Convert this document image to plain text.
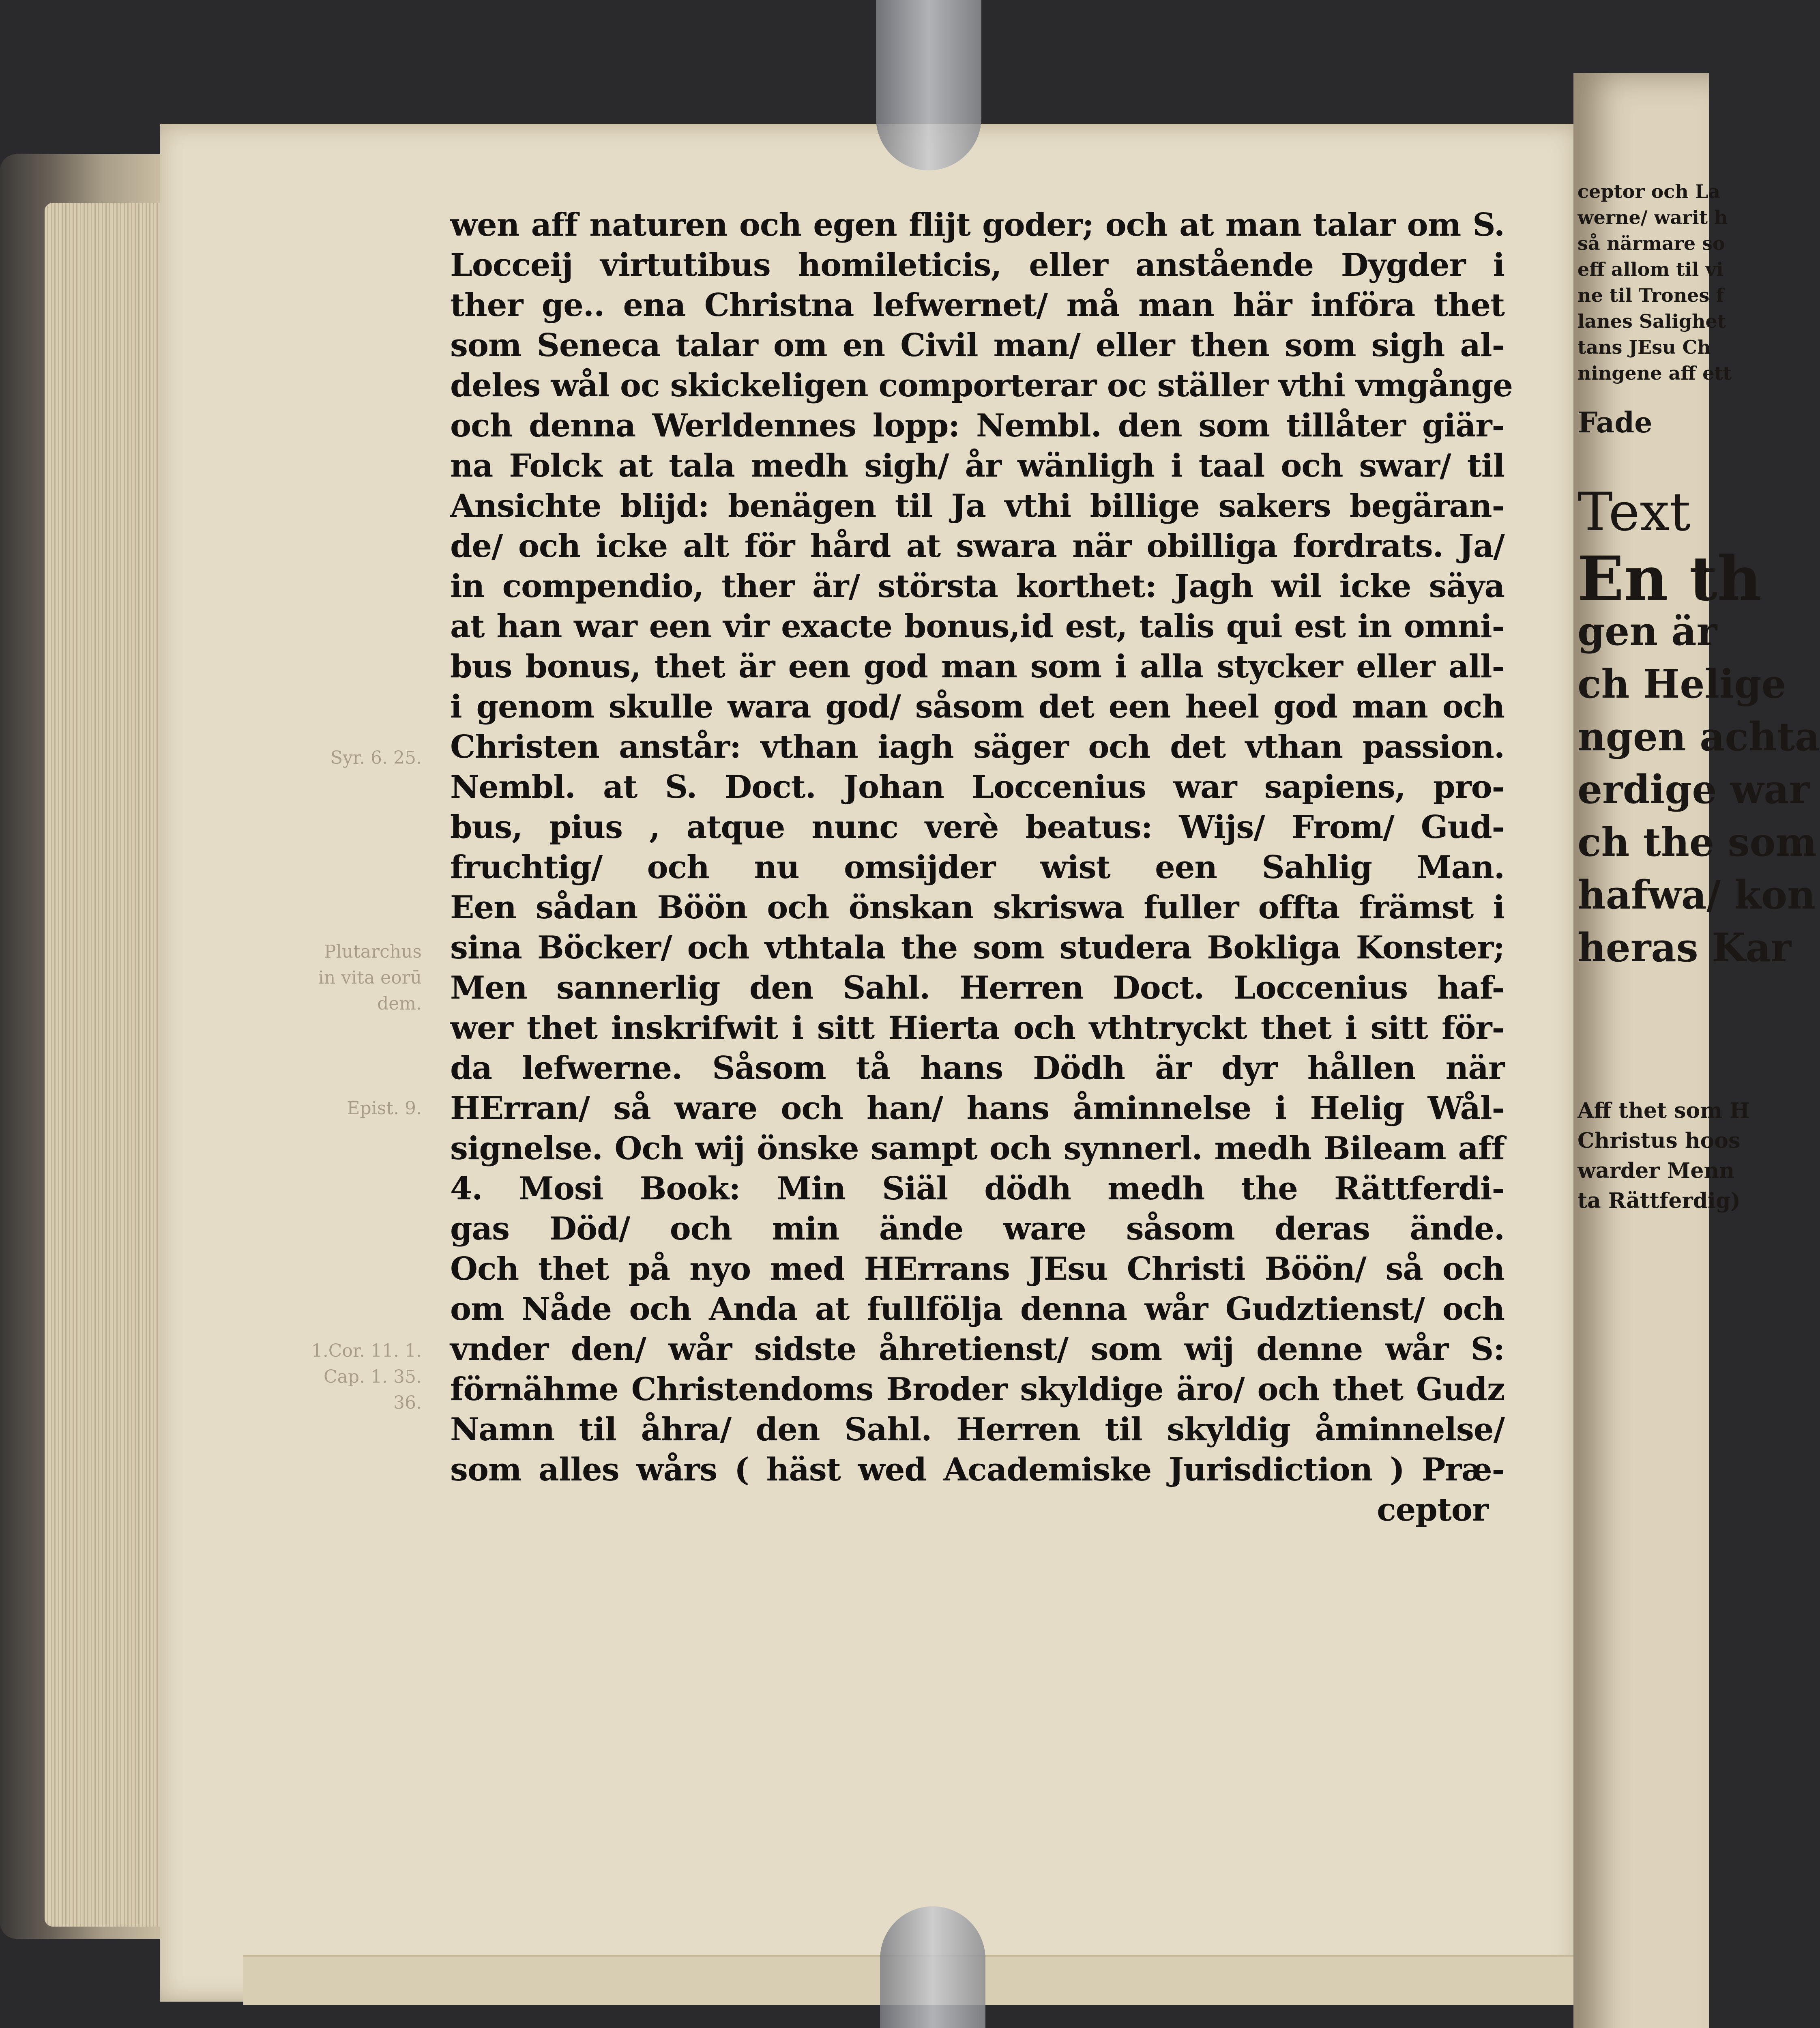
Syr. 6. 25.
Plutarchus
in vita eorū
dem.
Epist. 9.
1.Cor. 11. 1.
Cap. 1. 35.
36.
wen aff naturen och egen flijt goder; och at man talar om S.
Locceij virtutibus homileticis, eller anstående Dygder i
ther ge.. ena Christna lefwernet/ må man här införa thet
som Seneca talar om en Civil man/ eller then som sigh al-
deles wål oc skickeligen comporterar oc ställer vthi vmgånge
och denna Werldennes lopp: Nembl. den som tillåter giär-
na Folck at tala medh sigh/ år wänligh i taal och swar/ til
Ansichte blijd: benägen til Ja vthi billige sakers begäran-
de/ och icke alt för hård at swara när obilliga fordrats. Ja/
in compendio, ther är/ största korthet: Jagh wil icke säya
at han war een vir exacte bonus,id est, talis qui est in omni-
bus bonus, thet är een god man som i alla stycker eller all-
i genom skulle wara god/ såsom det een heel god man och
Christen anstår: vthan iagh säger och det vthan passion.
Nembl. at S. Doct. Johan Loccenius war sapiens, pro-
bus, pius , atque nunc verè beatus: Wijs/ From/ Gud-
fruchtig/ och nu omsijder wist een Sahlig Man.
Een sådan Böön och önskan skriswa fuller offta främst i
sina Böcker/ och vthtala the som studera Bokliga Konster;
Men sannerlig den Sahl. Herren Doct. Loccenius haf-
wer thet inskrifwit i sitt Hierta och vthtryckt thet i sitt för-
da lefwerne. Såsom tå hans Dödh är dyr hållen när
HErran/ så ware och han/ hans åminnelse i Helig Wål-
signelse. Och wij önske sampt och synnerl. medh Bileam aff
4. Mosi Book: Min Siäl dödh medh the Rättferdi-
gas Död/ och min ände ware såsom deras ände.
Och thet på nyo med HErrans JEsu Christi Böön/ så och
om Nåde och Anda at fullfölja denna wår Gudztienst/ och
vnder den/ wår sidste åhretienst/ som wij denne wår S:
förnähme Christendoms Broder skyldige äro/ och thet Gudz
Namn til åhra/ den Sahl. Herren til skyldig åminnelse/
som alles wårs ( häst wed Academiske Jurisdiction ) Præ-
ceptor
ceptor och La
werne/ warit h
så närmare so
eff allom til vi
ne til Trones f
lanes Salighet
tans JEsu Ch
ningene aff ett
Fade
Text
En th
gen är
ch Helige
ngen achta
erdige war
ch the som
hafwa/ kon
heras Kar
Aff thet som H
Christus hoos
warder Menn
ta Rättferdig)
